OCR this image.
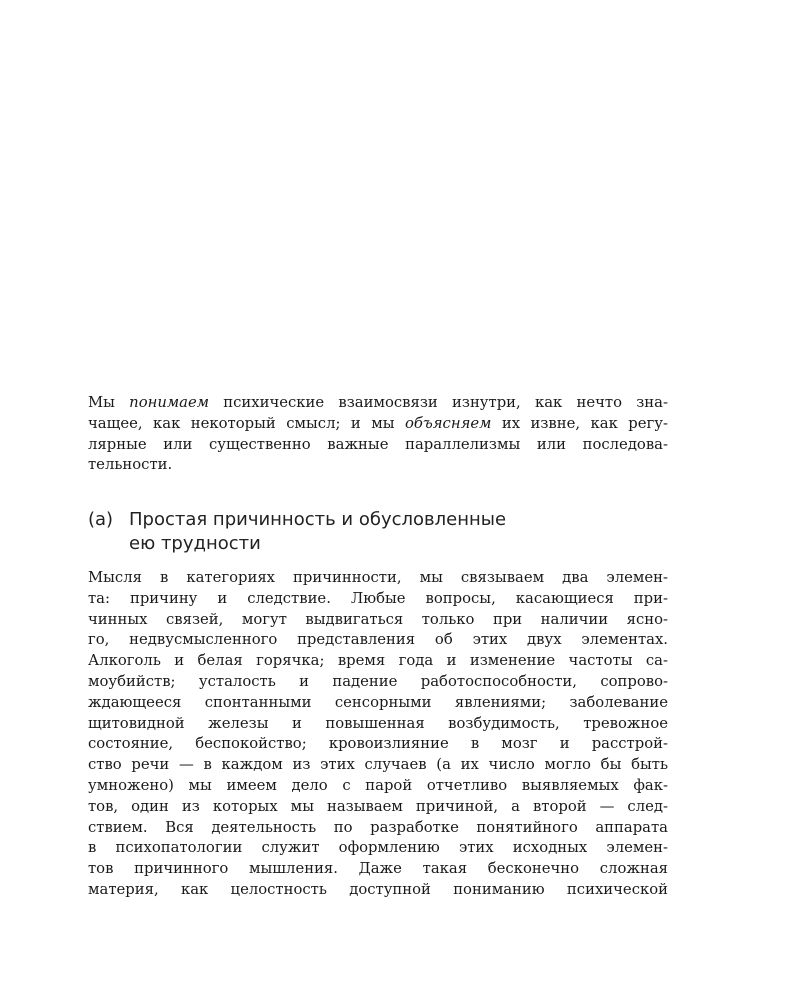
Мы понимаем психические взаимосвязи изнутри, как нечто зна-
чащее, как некоторый смысл; и мы объясняем их извне, как регу-
лярные или существенно важные параллелизмы или последова-
тельности.
(а) Простая причинность и обусловленные
ею трудности
Мысля в категориях причинности, мы связываем два элемен-
та: причину и следствие. Любые вопросы, касающиеся при-
чинных связей, могут выдвигаться только при наличии ясно-
го, недвусмысленного представления об этих двух элементах.
Алкоголь и белая горячка; время года и изменение частоты са-
моубийств; усталость и падение работоспособности, сопрово-
ждающееся спонтанными сенсорными явлениями; заболевание
щитовидной железы и повышенная возбудимость, тревожное
состояние, беспокойство; кровоизлияние в мозг и расстрой-
ство речи — в каждом из этих случаев (а их число могло бы быть
умножено) мы имеем дело с парой отчетливо выявляемых фак-
тов, один из которых мы называем причиной, а второй — след-
ствием. Вся деятельность по разработке понятийного аппарата
в психопатологии служит оформлению этих исходных элемен-
тов причинного мышления. Даже такая бесконечно сложная
материя, как целостность доступной пониманию психической
